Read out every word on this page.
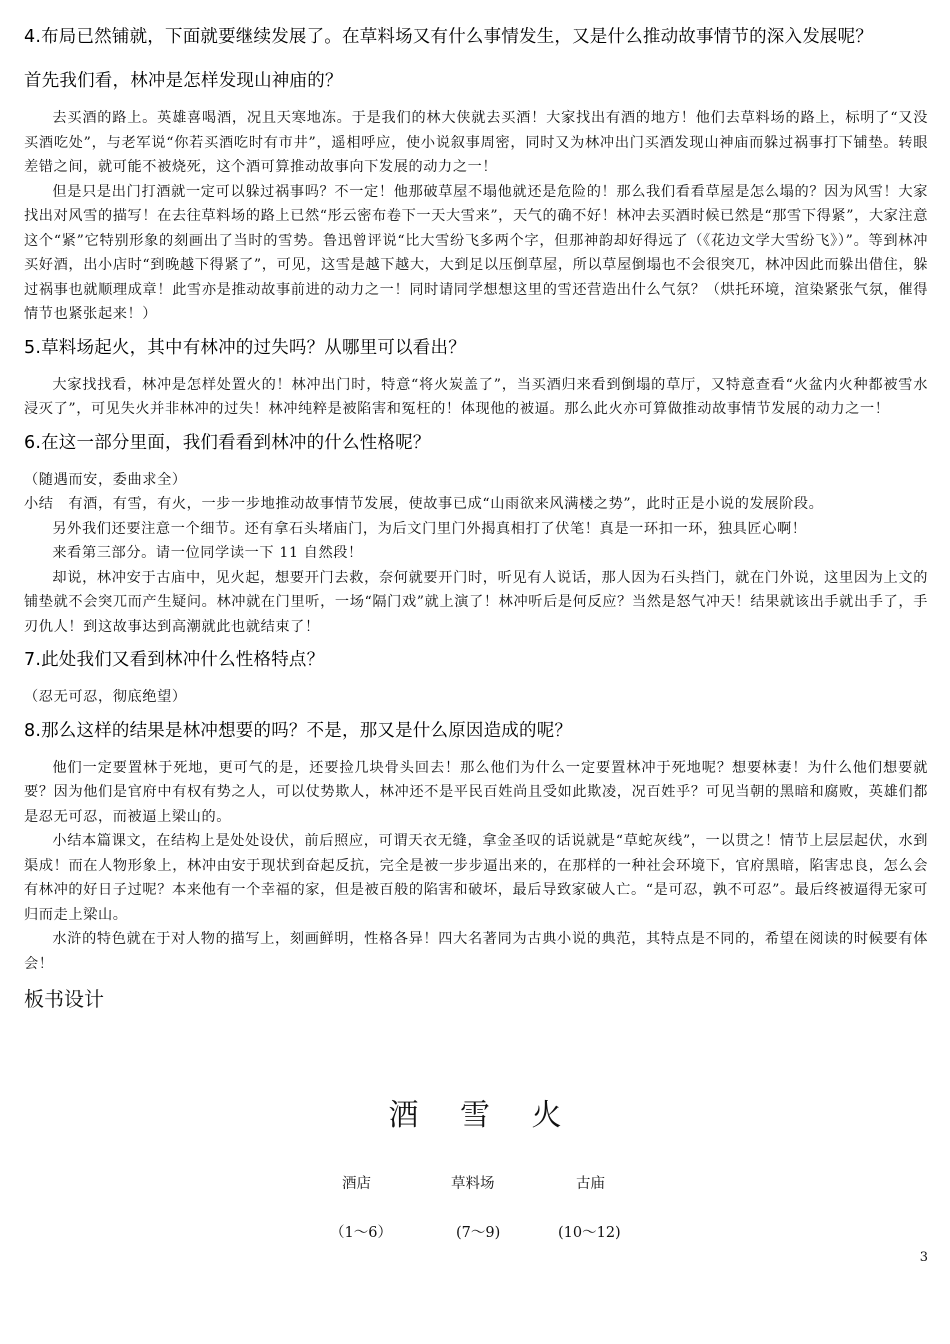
4.布局已然铺就，下面就要继续发展了。在草料场又有什么事情发生，又是什么推动故事情节的深入发展呢？
首先我们看，林冲是怎样发现山神庙的？

去买酒的路上。英雄喜喝酒，况且天寒地冻。于是我们的林大侠就去买酒！大家找出有酒的地方！他们去草料场的路上，标明了“又没买酒吃处”，与老军说“你若买酒吃时有市井”，遥相呼应，使小说叙事周密，同时又为林冲出门买酒发现山神庙而躲过祸事打下铺垫。转眼差错之间，就可能不被烧死，这个酒可算推动故事向下发展的动力之一！

但是只是出门打酒就一定可以躲过祸事吗？不一定！他那破草屋不塌他就还是危险的！那么我们看看草屋是怎么塌的？因为风雪！大家找出对风雪的描写！在去往草料场的路上已然“彤云密布卷下一天大雪来”，天气的确不好！林冲去买酒时候已然是“那雪下得紧”，大家注意这个“紧”它特别形象的刻画出了当时的雪势。鲁迅曾评说“比大雪纷飞多两个字，但那神韵却好得远了（《花边文学大雪纷飞》）”。等到林冲买好酒，出小店时“到晚越下得紧了”，可见，这雪是越下越大，大到足以压倒草屋，所以草屋倒塌也不会很突兀，林冲因此而躲出借住，躲过祸事也就顺理成章！此雪亦是推动故事前进的动力之一！同时请同学想想这里的雪还营造出什么气氛？（烘托环境，渲染紧张气氛，催得情节也紧张起来！）

5.草料场起火，其中有林冲的过失吗？从哪里可以看出？

大家找找看，林冲是怎样处置火的！林冲出门时，特意“将火炭盖了”，当买酒归来看到倒塌的草厅，又特意查看“火盆内火种都被雪水浸灭了”，可见失火并非林冲的过失！林冲纯粹是被陷害和冤枉的！体现他的被逼。那么此火亦可算做推动故事情节发展的动力之一！

6.在这一部分里面，我们看看到林冲的什么性格呢？

（随遇而安，委曲求全）

小结　有酒，有雪，有火，一步一步地推动故事情节发展，使故事已成“山雨欲来风满楼之势”，此时正是小说的发展阶段。

另外我们还要注意一个细节。还有拿石头堵庙门，为后文门里门外揭真相打了伏笔！真是一环扣一环，独具匠心啊！

来看第三部分。请一位同学读一下 11 自然段！

却说，林冲安于古庙中，见火起，想要开门去救，奈何就要开门时，听见有人说话，那人因为石头挡门，就在门外说，这里因为上文的铺垫就不会突兀而产生疑问。林冲就在门里听，一场“隔门戏”就上演了！林冲听后是何反应？当然是怒气冲天！结果就该出手就出手了，手刃仇人！到这故事达到高潮就此也就结束了！

7.此处我们又看到林冲什么性格特点？

（忍无可忍，彻底绝望）

8.那么这样的结果是林冲想要的吗？不是，那又是什么原因造成的呢？

他们一定要置林于死地，更可气的是，还要捡几块骨头回去！那么他们为什么一定要置林冲于死地呢？想要林妻！为什么他们想要就要？因为他们是官府中有权有势之人，可以仗势欺人，林冲还不是平民百姓尚且受如此欺凌，况百姓乎？可见当朝的黑暗和腐败，英雄们都是忍无可忍，而被逼上梁山的。

小结本篇课文，在结构上是处处设伏，前后照应，可谓天衣无缝，拿金圣叹的话说就是“草蛇灰线”，一以贯之！情节上层层起伏，水到渠成！而在人物形象上，林冲由安于现状到奋起反抗，完全是被一步步逼出来的，在那样的一种社会环境下，官府黑暗，陷害忠良，怎么会有林冲的好日子过呢？本来他有一个幸福的家，但是被百般的陷害和破坏，最后导致家破人亡。“是可忍，孰不可忍”。最后终被逼得无家可归而走上梁山。

水浒的特色就在于对人物的描写上，刻画鲜明，性格各异！四大名著同为古典小说的典范，其特点是不同的，希望在阅读的时候要有体会！

板书设计
酒 雪 火
酒店	草料场	古庙
（1～6）	(7～9)	(10～12)
3
